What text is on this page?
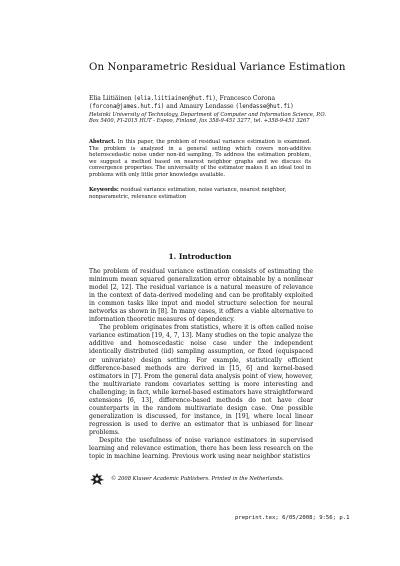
On Nonparametric Residual Variance Estimation
Elia Liitiäinen (elia.liitiainen@hut.fi), Francesco Corona
(forcona@james.hut.fi) and Amaury Lendasse (lendasse@hut.fi)
Helsinki University of Technology, Department of Computer and Information Science, P.O. Box 5400, FI-2015 HUT - Espoo, Finland, fax 358-9-451 3277, tel. +358-9-451 3267
Abstract. In this paper, the problem of residual variance estimation is examined. The problem is analyzed in a general setting which covers non-additive heteroscedastic noise under non-iid sampling. To address the estimation problem, we suggest a method based on nearest neighbor graphs and we discuss its convergence properties. The universality of the estimator makes it an ideal tool in problems with only little prior knowledge available.
Keywords: residual variance estimation, noise variance, nearest neighbor, nonparametric, relevance estimation
1. Introduction

The problem of residual variance estimation consists of estimating the minimum mean squared generalization error obtainable by a nonlinear model [2, 12]. The residual variance is a natural measure of relevance in the context of data-derived modeling and can be profitably exploited in common tasks like input and model structure selection for neural networks as shown in [8]. In many cases, it offers a viable alternative to information theoretic measures of dependency.

The problem originates from statistics, where it is often called noise variance estimation [19, 4, 7, 13]. Many studies on the topic analyze the additive and homoscedastic noise case under the independent identically distributed (iid) sampling assumption, or fixed (equispaced or univariate) design setting. For example, statistically efficient difference-based methods are derived in [15, 6] and kernel-based estimators in [7]. From the general data analysis point of view, however, the multivariate random covariates setting is more interesting and challenging; in fact, while kernel-based estimators have straightforward extensions [6, 13], difference-based methods do not have clear counterparts in the random multivariate design case. One possible generalization is discussed, for instance, in [19], where local linear regression is used to derive an estimator that is unbiased for linear problems.

Despite the usefulness of noise variance estimators in supervised learning and relevance estimation, there has been less research on the topic in machine learning. Previous work using near neighbor statistics

© 2008 Kluwer Academic Publishers. Printed in the Netherlands.
preprint.tex; 6/05/2008; 9:56; p.1
